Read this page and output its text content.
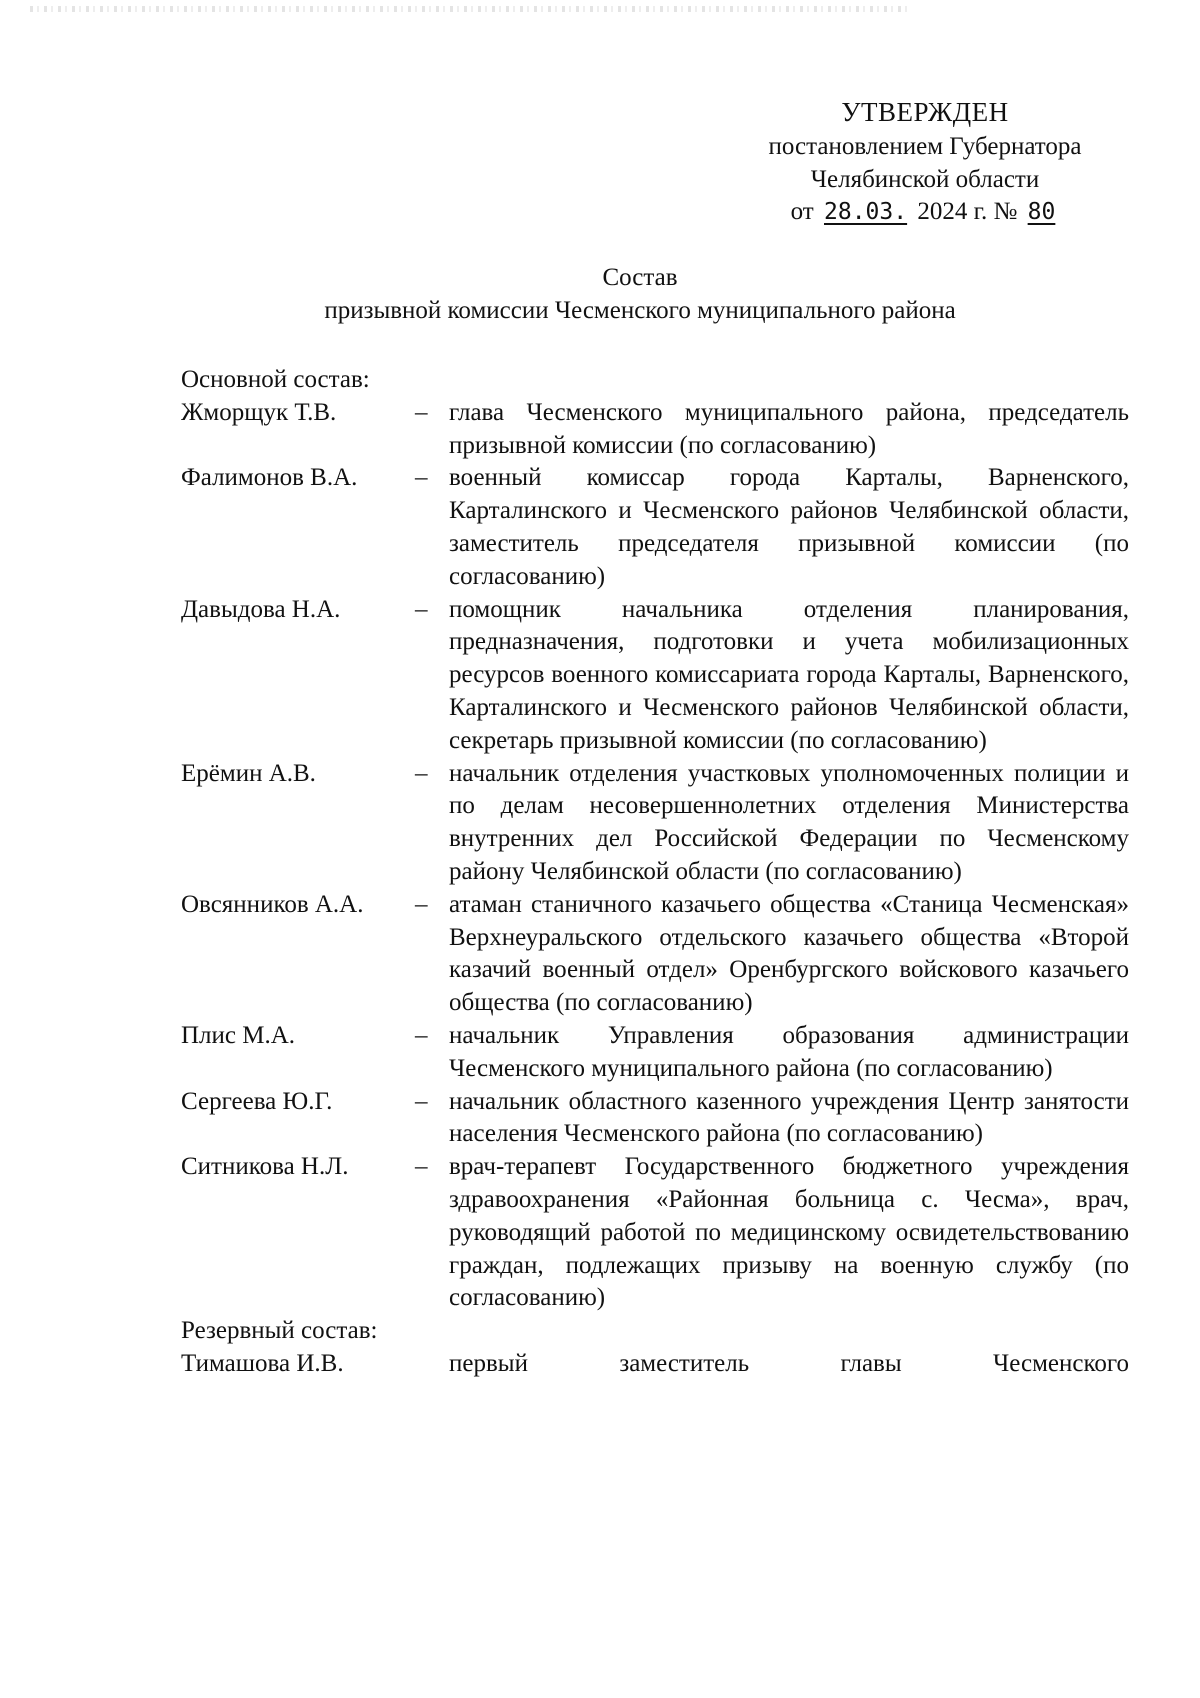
УТВЕРЖДЕН
постановлением Губернатора
Челябинской области
от 28.03. 2024 г. № 80
Состав
призывной комиссии Чесменского муниципального района
Основной состав:
Жморщук Т.В.	– глава Чесменского муниципального района, председатель призывной комиссии (по согласованию)
Фалимонов В.А.	– военный комиссар города Карталы, Варненского, Карталинского и Чесменского районов Челябинской области, заместитель председателя призывной комиссии (по согласованию)
Давыдова Н.А.	– помощник начальника отделения планирования, предназначения, подготовки и учета мобилизационных ресурсов военного комиссариата города Карталы, Варненского, Карталинского и Чесменского районов Челябинской области, секретарь призывной комиссии (по согласованию)
Ерёмин А.В.	– начальник отделения участковых уполномоченных полиции и по делам несовершеннолетних отделения Министерства внутренних дел Российской Федерации по Чесменскому району Челябинской области (по согласованию)
Овсянников А.А.	– атаман станичного казачьего общества «Станица Чесменская» Верхнеуральского отдельского казачьего общества «Второй казачий военный отдел» Оренбургского войскового казачьего общества (по согласованию)
Плис М.А.	– начальник Управления образования администрации Чесменского муниципального района (по согласованию)
Сергеева Ю.Г.	– начальник областного казенного учреждения Центр занятости населения Чесменского района (по согласованию)
Ситникова Н.Л.	– врач-терапевт Государственного бюджетного учреждения здравоохранения «Районная больница с. Чесма», врач, руководящий работой по медицинскому освидетельствованию граждан, подлежащих призыву на военную службу (по согласованию)
Резервный состав:
Тимашова И.В.	первый заместитель главы Чесменского
